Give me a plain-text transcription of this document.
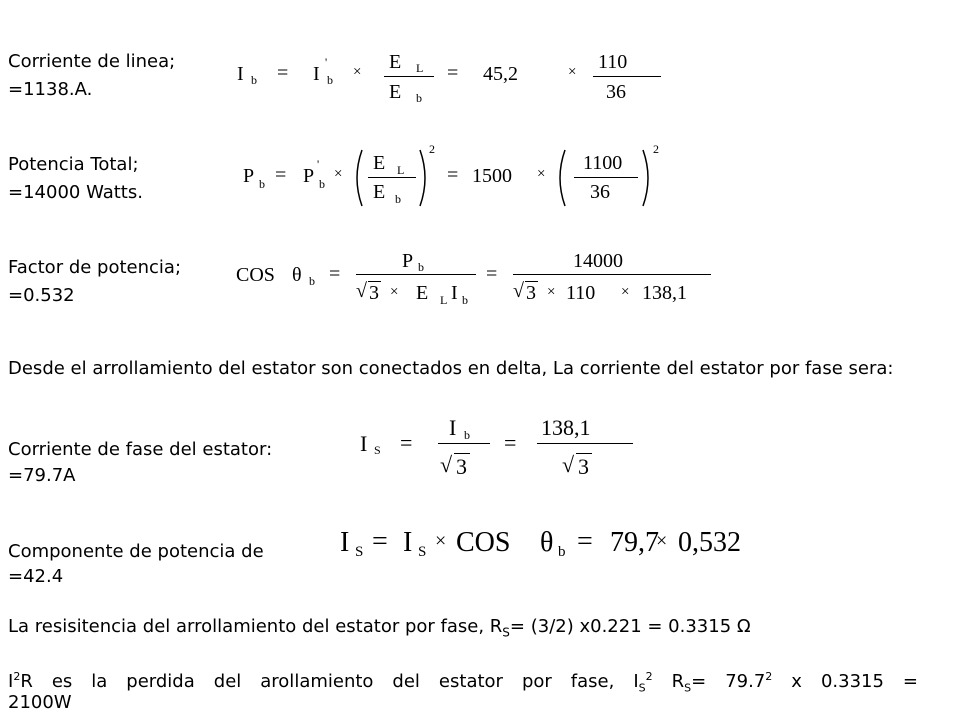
Corriente de linea;
=1138.A.
I b = I
'
b × E L
E b
= 45,2	× 110
36
Potencia Total;
=14000 Watts.
P b = P
'
b
× E L
E b
2
= 1500 × 1100
36
2
Factor de potencia;
=0.532
COS θ b =
P b
√ 3 × E L I b
=
14000
√ 3 × 110 × 138,1
Desde el arrollamiento del estator son conectados en delta, La corriente del estator por fase sera:
Corriente de fase del estator:
=79.7A
I S =
I b
√ 3
=
138,1
√ 3
Componente de potencia de
=42.4
I S = I S × COS θ b = 79,7
× 0,532
La resisitencia del arrollamiento del estator por fase, $R_S= (3/2) x0.221 = 0.3315$ Ω
$I^2R$ es la perdida del arollamiento del estator por fase, $I_S^2$ $R_S= 79.7^2$ x 0.3315 =
2100W
